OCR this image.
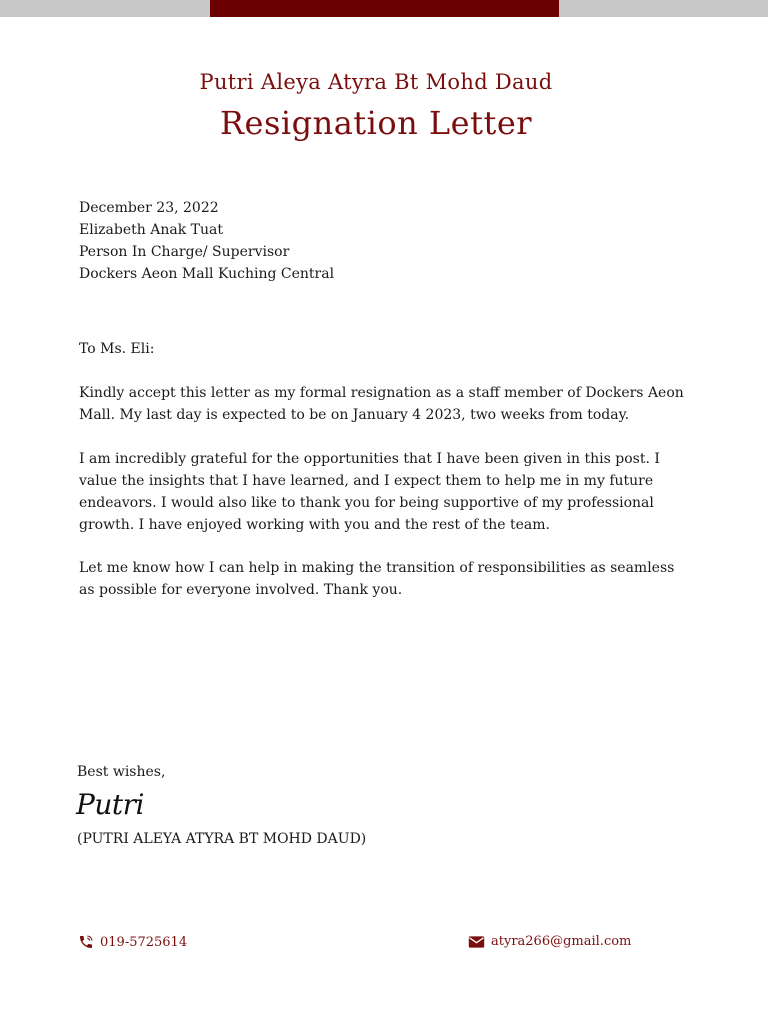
Putri Aleya Atyra Bt Mohd Daud
Resignation Letter
December 23, 2022
Elizabeth Anak Tuat
Person In Charge/ Supervisor
Dockers Aeon Mall Kuching Central
To Ms. Eli:
Kindly accept this letter as my formal resignation as a staff member of Dockers Aeon Mall. My last day is expected to be on January 4 2023, two weeks from today.
I am incredibly grateful for the opportunities that I have been given in this post. I value the insights that I have learned, and I expect them to help me in my future endeavors. I would also like to thank you for being supportive of my professional growth. I have enjoyed working with you and the rest of the team.
Let me know how I can help in making the transition of responsibilities as seamless as possible for everyone involved. Thank you.
Best wishes,
Putri
(PUTRI ALEYA ATYRA BT MOHD DAUD)
019-5725614	atyra266@gmail.com
